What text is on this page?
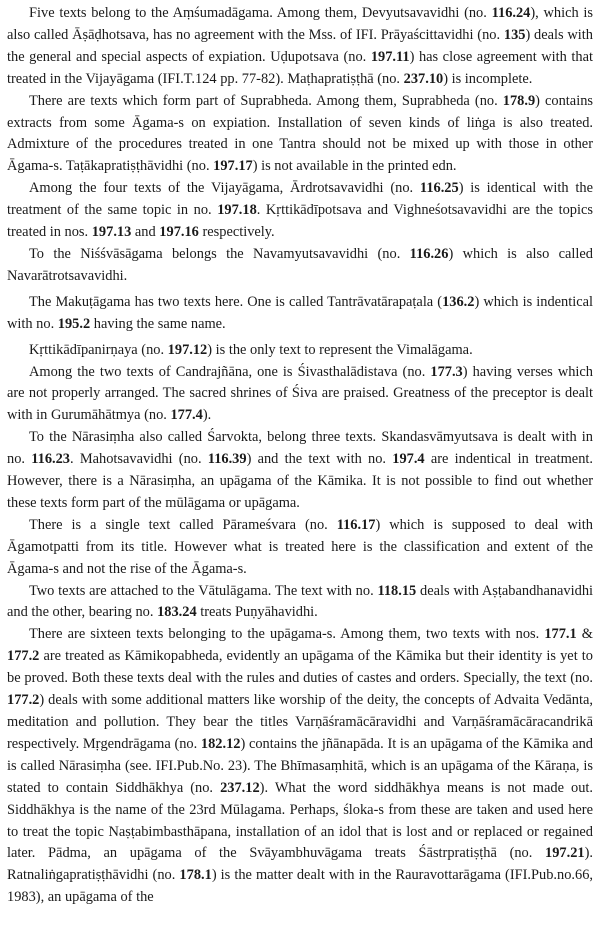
Five texts belong to the Aṃśumadāgama. Among them, Devyutsavavidhi (no. 116.24), which is also called Āṣāḍhotsava, has no agreement with the Mss. of IFI. Prāyaścittavidhi (no. 135) deals with the general and special aspects of expiation. Uḍupotsava (no. 197.11) has close agreement with that treated in the Vijayāgama (IFI.T.124 pp. 77-82). Maṭhapratiṣṭhā (no. 237.10) is incomplete.

There are texts which form part of Suprabheda. Among them, Suprabheda (no. 178.9) contains extracts from some Āgama-s on expiation. Installation of seven kinds of liṅga is also treated. Admixture of the procedures treated in one Tantra should not be mixed up with those in other Āgama-s. Taṭākapratiṣṭhāvidhi (no. 197.17) is not available in the printed edn.

Among the four texts of the Vijayāgama, Ārdrotsavavidhi (no. 116.25) is identical with the treatment of the same topic in no. 197.18. Kṛttikādīpotsava and Vighneśotsavavidhi are the topics treated in nos. 197.13 and 197.16 respectively.

To the Niśśvāsāgama belongs the Navamyutsavavidhi (no. 116.26) which is also called Navarātrotsavavidhi.

The Makuṭāgama has two texts here. One is called Tantrāvatārapaṭala (136.2) which is indentical with no. 195.2 having the same name.

Kṛttikādīpanirṇaya (no. 197.12) is the only text to represent the Vimalāgama.

Among the two texts of Candrajñāna, one is Śivasthalādistava (no. 177.3) having verses which are not properly arranged. The sacred shrines of Śiva are praised. Greatness of the preceptor is dealt with in Gurumāhātmya (no. 177.4).

To the Nārasiṃha also called Śarvokta, belong three texts. Skandasvāmyutsava is dealt with in no. 116.23. Mahotsavavidhi (no. 116.39) and the text with no. 197.4 are indentical in treatment. However, there is a Nārasiṃha, an upāgama of the Kāmika. It is not possible to find out whether these texts form part of the mūlāgama or upāgama.

There is a single text called Pārameśvara (no. 116.17) which is supposed to deal with Āgamotpatti from its title. However what is treated here is the classification and extent of the Āgama-s and not the rise of the Āgama-s.

Two texts are attached to the Vātulāgama. The text with no. 118.15 deals with Aṣṭabandhanavidhi and the other, bearing no. 183.24 treats Puṇyāhavidhi.

There are sixteen texts belonging to the upāgama-s. Among them, two texts with nos. 177.1 & 177.2 are treated as Kāmikopabheda, evidently an upāgama of the Kāmika but their identity is yet to be proved. Both these texts deal with the rules and duties of castes and orders. Specially, the text (no. 177.2) deals with some additional matters like worship of the deity, the concepts of Advaita Vedānta, meditation and pollution. They bear the titles Varṇāśramācāravidhi and Varṇāśramācāracandrikā respectively. Mṛgendrāgama (no. 182.12) contains the jñānapāda. It is an upāgama of the Kāmika and is called Nārasiṃha (see. IFI.Pub.No. 23). The Bhīmasaṃhitā, which is an upāgama of the Kāraṇa, is stated to contain Siddhākhya (no. 237.12). What the word siddhākhya means is not made out. Siddhākhya is the name of the 23rd Mūlagama. Perhaps, śloka-s from these are taken and used here to treat the topic Naṣṭabimbasthāpana, installation of an idol that is lost and or replaced or regained later. Pādma, an upāgama of the Svāyambhuvāgama treats Śāstrpratiṣṭhā (no. 197.21). Ratnaliṅgapratiṣṭhāvidhi (no. 178.1) is the matter dealt with in the Rauravottarāgama (IFI.Pub.no.66, 1983), an upāgama of the
